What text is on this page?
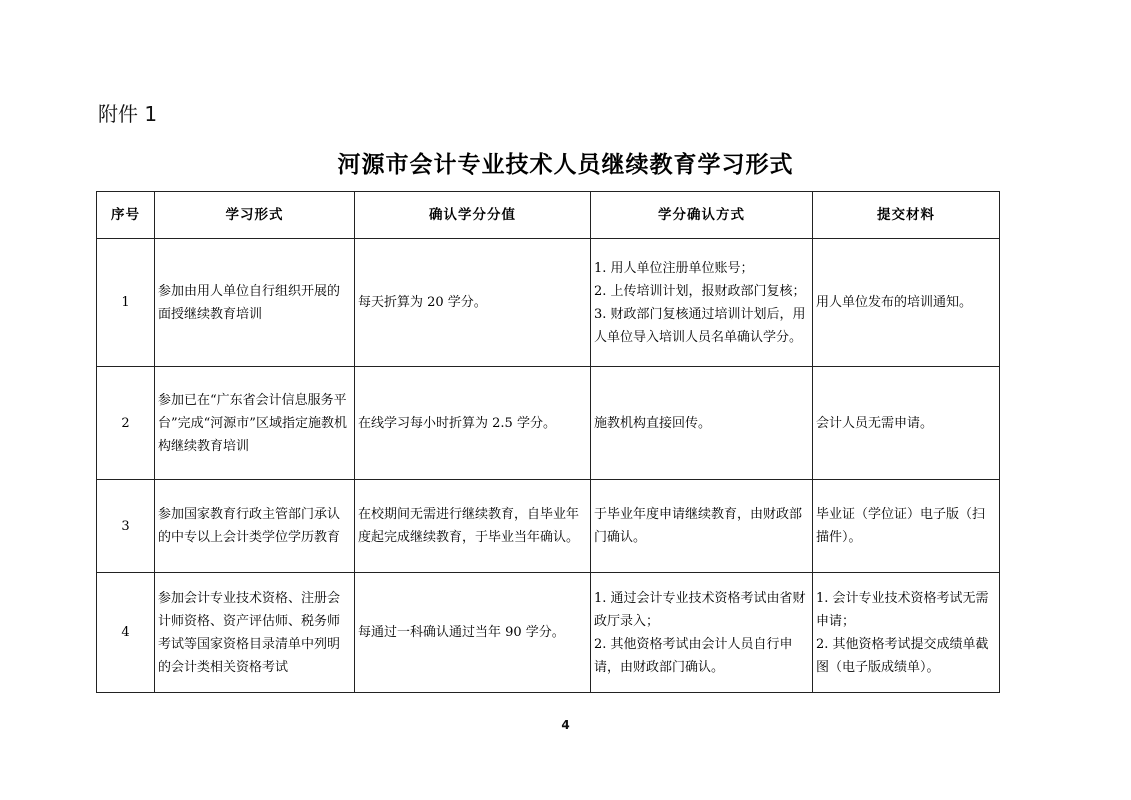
附件 1
河源市会计专业技术人员继续教育学习形式
序号	学习形式	确认学分分值	学分确认方式	提交材料
1	参加由用人单位自行组织开展的面授继续教育培训	每天折算为 20 学分。	1. 用人单位注册单位账号；
2. 上传培训计划，报财政部门复核；
3. 财政部门复核通过培训计划后，用人单位导入培训人员名单确认学分。	用人单位发布的培训通知。

2	参加已在“广东省会计信息服务平台”完成“河源市”区域指定施教机构继续教育培训	在线学习每小时折算为 2.5 学分。	施教机构直接回传。	会计人员无需申请。

3	参加国家教育行政主管部门承认的中专以上会计类学位学历教育	在校期间无需进行继续教育，自毕业年度起完成继续教育，于毕业当年确认。	于毕业年度申请继续教育，由财政部门确认。	毕业证（学位证）电子版（扫描件）。

4	参加会计专业技术资格、注册会计师资格、资产评估师、税务师考试等国家资格目录清单中列明的会计类相关资格考试	每通过一科确认通过当年 90 学分。	1. 通过会计专业技术资格考试由省财政厅录入；
2. 其他资格考试由会计人员自行申请，由财政部门确认。	1. 会计专业技术资格考试无需申请；
2. 其他资格考试提交成绩单截图（电子版成绩单）。
4
